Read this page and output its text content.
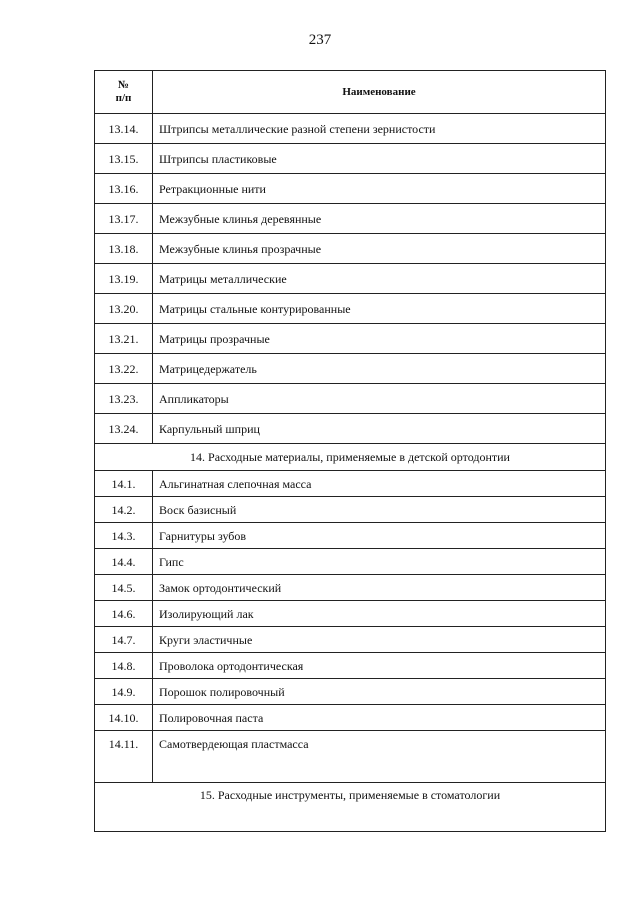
237
№
п/п	Наименование
13.14.	Штрипсы металлические разной степени зернистости
13.15.	Штрипсы пластиковые
13.16.	Ретракционные нити
13.17.	Межзубные клинья деревянные
13.18.	Межзубные клинья прозрачные
13.19.	Матрицы металлические
13.20.	Матрицы стальные контурированные
13.21.	Матрицы прозрачные
13.22.	Матрицедержатель
13.23.	Аппликаторы
13.24.	Карпульный шприц
14. Расходные материалы, применяемые в детской ортодонтии	
14.1.	Альгинатная слепочная масса
14.2.	Воск базисный
14.3.	Гарнитуры зубов
14.4.	Гипс
14.5.	Замок ортодонтический
14.6.	Изолирующий лак
14.7.	Круги эластичные
14.8.	Проволока ортодонтическая
14.9.	Порошок полировочный
14.10.	Полировочная паста
14.11.	Самотвердеющая пластмасса
15. Расходные инструменты, применяемые в стоматологии	
